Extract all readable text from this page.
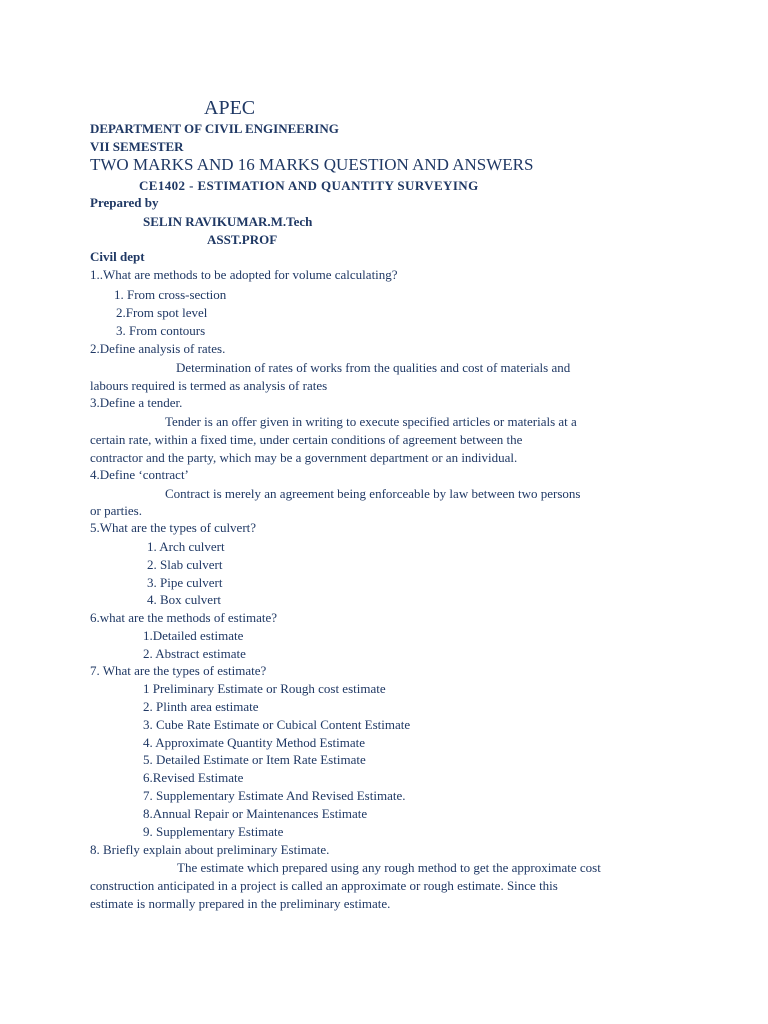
APEC
DEPARTMENT OF CIVIL ENGINEERING
VII SEMESTER
TWO MARKS AND 16 MARKS QUESTION AND ANSWERS
CE1402 - ESTIMATION AND QUANTITY SURVEYING
Prepared by
SELIN RAVIKUMAR.M.Tech
ASST.PROF
Civil dept
1..What are methods to be adopted for volume calculating?
1. From cross-section
2.From spot level
3. From contours
2.Define analysis of rates.
Determination of rates of works from the qualities and cost of materials and
labours required is termed as analysis of rates
3.Define a tender.
Tender is an offer given in writing to execute specified articles or materials at a
certain rate, within a fixed time, under certain conditions of agreement between the
contractor and the party, which may be a government department or an individual.
4.Define ‘contract’
Contract is merely an agreement being enforceable by law between two persons
or parties.
5.What are the types of culvert?
1. Arch culvert
2. Slab culvert
3. Pipe culvert
4. Box culvert
6.what are the methods of estimate?
1.Detailed estimate
2. Abstract estimate
7. What are the types of estimate?
1 Preliminary Estimate or Rough cost estimate
2. Plinth area estimate
3. Cube Rate Estimate or Cubical Content Estimate
4. Approximate Quantity Method Estimate
5. Detailed Estimate or Item Rate Estimate
6.Revised Estimate
7. Supplementary Estimate And Revised Estimate.
8.Annual Repair or Maintenances Estimate
9. Supplementary Estimate
8. Briefly explain about preliminary Estimate.
The estimate which prepared using any rough method to get the approximate cost
construction anticipated in a project is called an approximate or rough estimate. Since this
estimate is normally prepared in the preliminary estimate.
